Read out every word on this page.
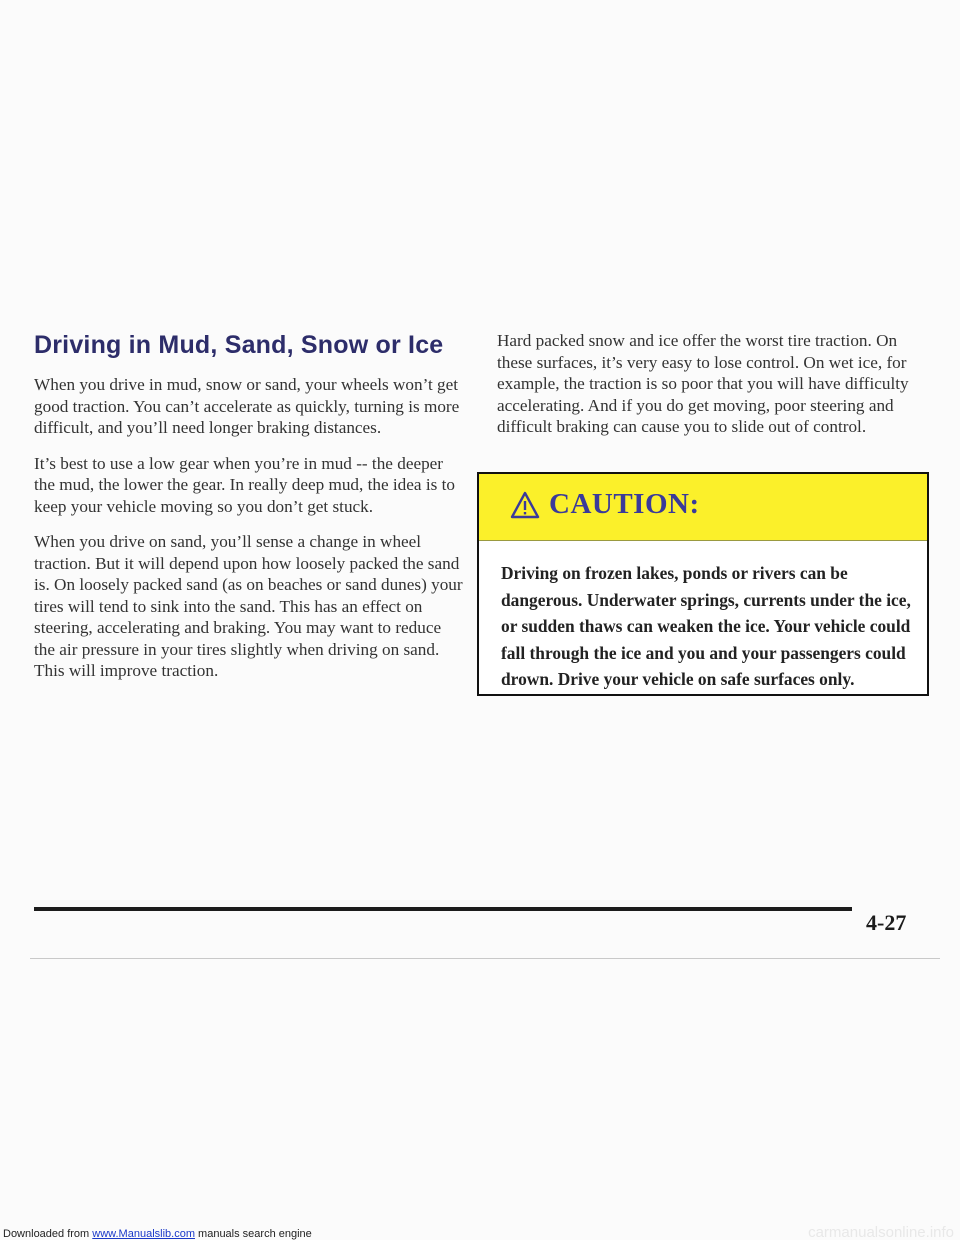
Driving in Mud, Sand, Snow or Ice

When you drive in mud, snow or sand, your wheels won’t get good traction. You can’t accelerate as quickly, turning is more difficult, and you’ll need longer braking distances.

It’s best to use a low gear when you’re in mud -- the deeper the mud, the lower the gear. In really deep mud, the idea is to keep your vehicle moving so you don’t get stuck.

When you drive on sand, you’ll sense a change in wheel traction. But it will depend upon how loosely packed the sand is. On loosely packed sand (as on beaches or sand dunes) your tires will tend to sink into the sand. This has an effect on steering, accelerating and braking. You may want to reduce the air pressure in your tires slightly when driving on sand. This will improve traction.

Hard packed snow and ice offer the worst tire traction. On these surfaces, it’s very easy to lose control. On wet ice, for example, the traction is so poor that you will have difficulty accelerating. And if you do get moving, poor steering and difficult braking can cause you to slide out of control.

CAUTION:
Driving on frozen lakes, ponds or rivers can be dangerous. Underwater springs, currents under the ice, or sudden thaws can weaken the ice. Your vehicle could fall through the ice and you and your passengers could drown. Drive your vehicle on safe surfaces only.
4-27
Downloaded from www.Manualslib.com manuals search engine	carmanualsonline.info
